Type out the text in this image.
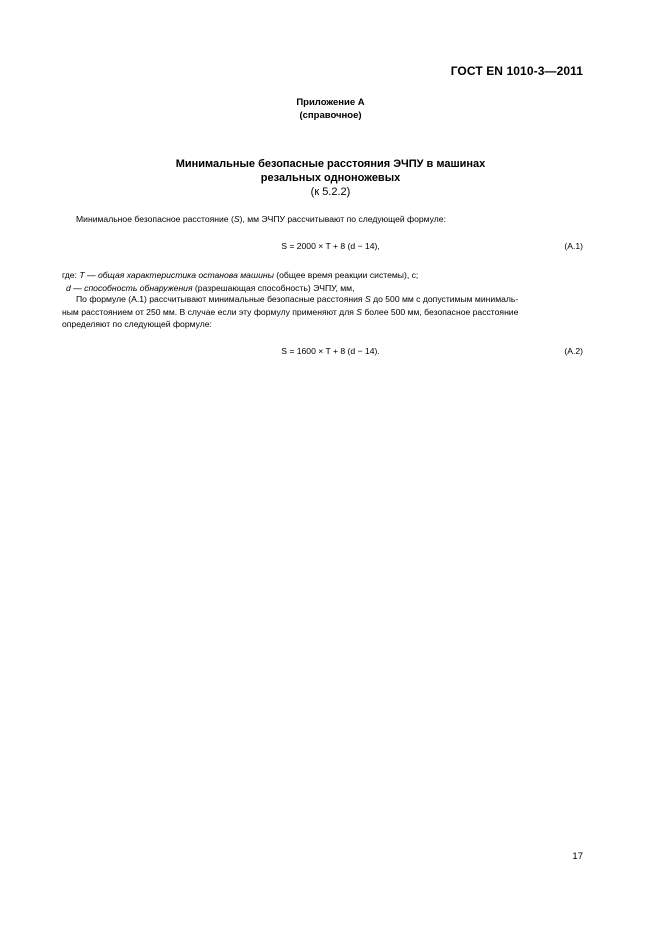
ГОСТ EN 1010-3—2011
Приложение А
(справочное)
Минимальные безопасные расстояния ЭЧПУ в машинах
резальных одноножевых
(к 5.2.2)
Минимальное безопасное расстояние (S), мм ЭЧПУ рассчитывают по следующей формуле:
S = 2000 × T + 8 (d − 14),	(А.1)
где: T — общая характеристика останова машины (общее время реакции системы), с;
d — способность обнаружения (разрешающая способность) ЭЧПУ, мм,
По формуле (А.1) рассчитывают минимальные безопасные расстояния S до 500 мм с допустимым минималь-
ным расстоянием от 250 мм. В случае если эту формулу применяют для S более 500 мм, безопасное расстояние
определяют по следующей формуле:
S = 1600 × T + 8 (d − 14).	(А.2)
17
